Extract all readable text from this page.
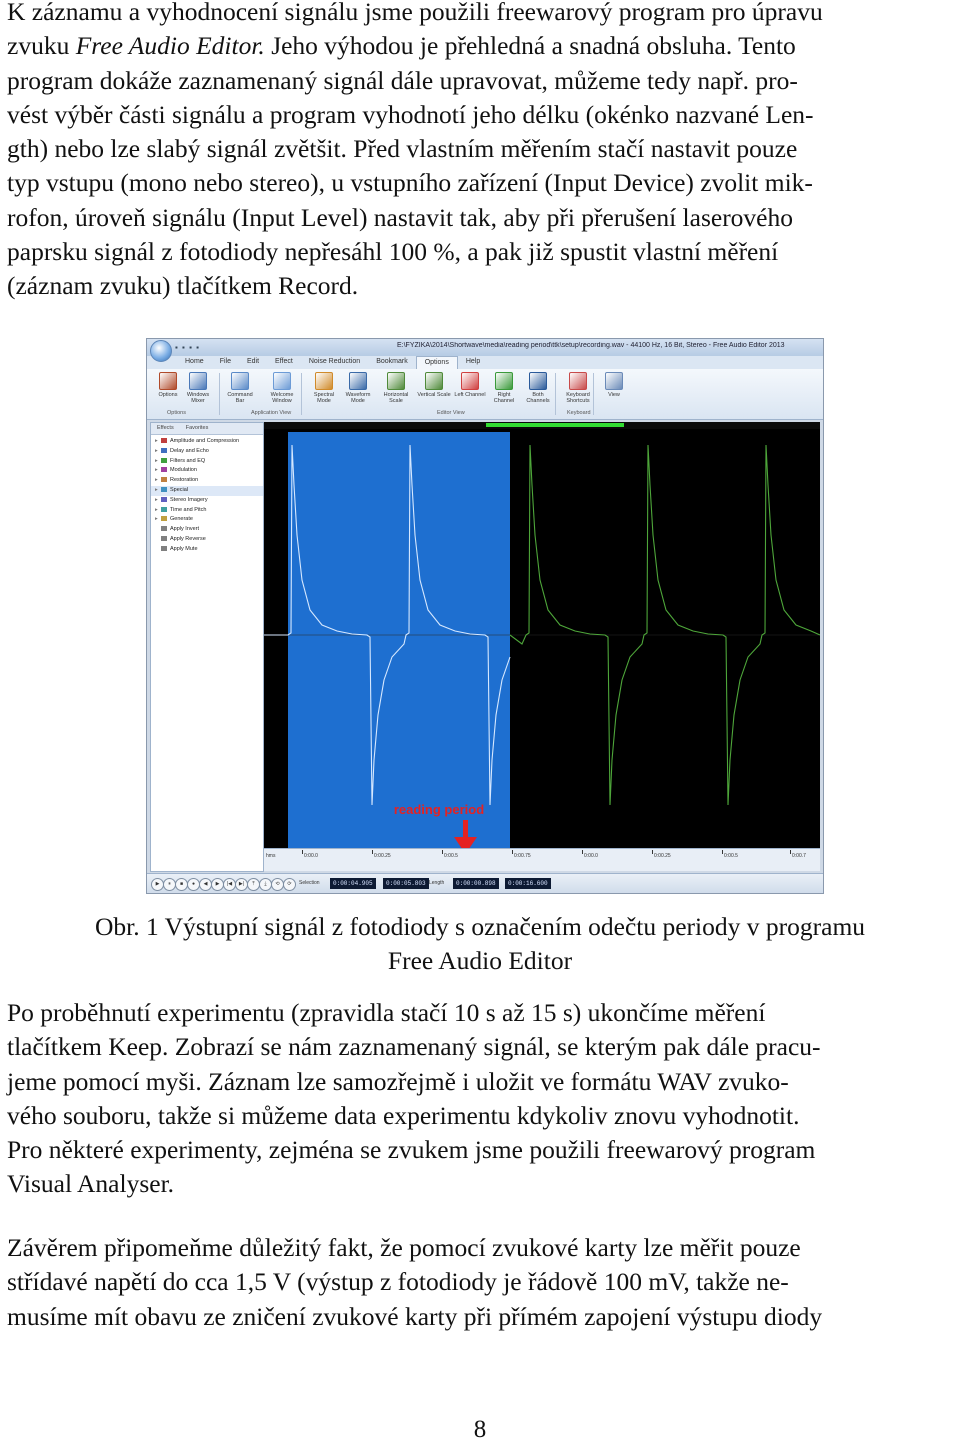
K záznamu a vyhodnocení signálu jsme použili freewarový program pro úpravu
zvuku Free Audio Editor. Jeho výhodou je přehledná a snadná obsluha. Tento
program dokáže zaznamenaný signál dále upravovat, můžeme tedy např. pro-
vést výběr části signálu a program vyhodnotí jeho délku (okénko nazvané Len-
gth) nebo lze slabý signál zvětšit. Před vlastním měřením stačí nastavit pouze
typ vstupu (mono nebo stereo), u vstupního zařízení (Input Device) zvolit mik-
rofon, úroveň signálu (Input Level) nastavit tak, aby při přerušení laserového
paprsku signál z fotodiody nepřesáhl 100 %, a pak již spustit vlastní měření
(záznam zvuku) tlačítkem Record.
▪ ▪ ▪ ▪	E:\FYZIKA\2014\Shortwave\media\reading period\ttk\setup\recording.wav - 44100 Hz, 16 Bit, Stereo - Free Audio Editor 2013
Home	File	Edit	Effect	Noise Reduction	Bookmark	Options	Help
Options	Windows Mixer
Command Bar
Welcome Window
Spectral Mode
Waveform Mode
Horizontal Scale
Vertical Scale Left Channel	Right Channel
Both Channels
Keyboard Shortcuts
View
Options	Application View	Editor View	Keyboard
Effects	Favorites
▸ Amplitude and Compression
▸ Delay and Echo
▸ Filters and EQ
▸ Modulation
▸ Restoration
▸ Special
▸ Stereo Imagery
▸ Time and Pitch
▸ Generate
Apply Invert
Apply Reverse
Apply Mute
reading period
hms	0:00.0	0:00.25	0:00.5	0:00.75	0:00.0	0:00.25	0:00.5	0:00.7
Selection	0:00:04.905	0:00:05.803 Length	0:00:00.898	0:00:16.600
▶	⏸	■	●	◀	▶	|◀	▶|	⤒	⤓	⟲	⟳
Obr. 1 Výstupní signál z fotodiody s označením odečtu periody v programu
Free Audio Editor
Po proběhnutí experimentu (zpravidla stačí 10 s až 15 s) ukončíme měření
tlačítkem Keep. Zobrazí se nám zaznamenaný signál, se kterým pak dále pracu-
jeme pomocí myši. Záznam lze samozřejmě i uložit ve formátu WAV zvuko-
vého souboru, takže si můžeme data experimentu kdykoliv znovu vyhodnotit.
Pro některé experimenty, zejména se zvukem jsme použili freewarový program
Visual Analyser.
Závěrem připomeňme důležitý fakt, že pomocí zvukové karty lze měřit pouze
střídavé napětí do cca 1,5 V (výstup z fotodiody je řádově 100 mV, takže ne-
musíme mít obavu ze zničení zvukové karty při přímém zapojení výstupu diody
8
